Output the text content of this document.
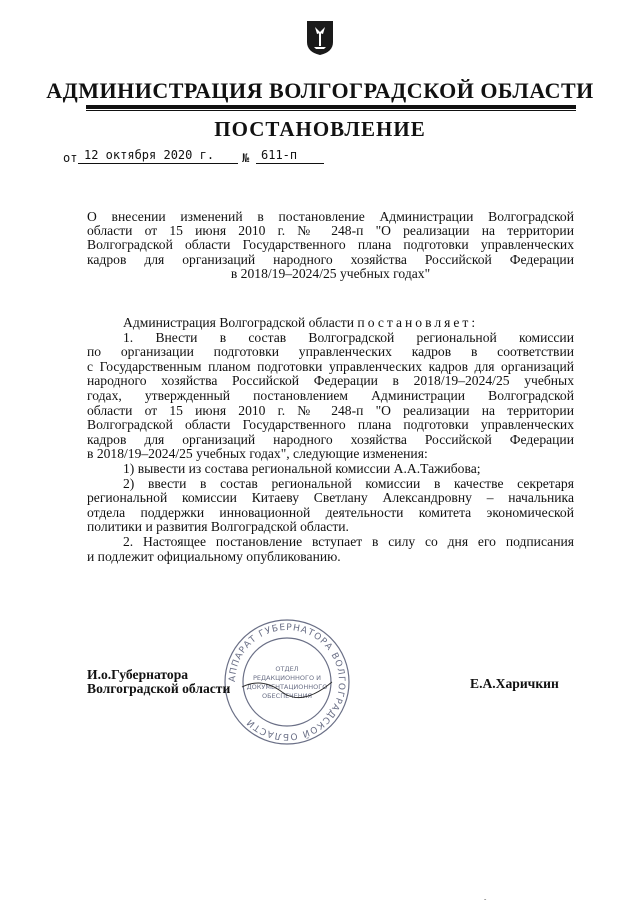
АДМИНИСТРАЦИЯ ВОЛГОГРАДСКОЙ ОБЛАСТИ
ПОСТАНОВЛЕНИЕ
от 12 октября 2020 г. № 611-п
О внесении изменений в постановление Администрации Волгоградской
области от 15 июня 2010 г. № 248-п "О реализации на территории
Волгоградской области Государственного плана подготовки управленческих
кадров для организаций народного хозяйства Российской Федерации
в 2018/19–2024/25 учебных годах"
Администрация Волгоградской области постановляет:
1. Внести в состав Волгоградской региональной комиссии
по организации подготовки управленческих кадров в соответствии
с Государственным планом подготовки управленческих кадров для организаций
народного хозяйства Российской Федерации в 2018/19–2024/25 учебных
годах, утвержденный постановлением Администрации Волгоградской
области от 15 июня 2010 г. № 248-п "О реализации на территории
Волгоградской области Государственного плана подготовки управленческих
кадров для организаций народного хозяйства Российской Федерации
в 2018/19–2024/25 учебных годах", следующие изменения:
1) вывести из состава региональной комиссии А.А.Тажибова;
2) ввести в состав региональной комиссии в качестве секретаря
региональной комиссии Китаеву Светлану Александровну – начальника
отдела поддержки инновационной деятельности комитета экономической
политики и развития Волгоградской области.
2. Настоящее постановление вступает в силу со дня его подписания
и подлежит официальному опубликованию.
АППАРАТ ГУБЕРНАТОРА ВОЛГОГРАДСКОЙ ОБЛАСТИ
ОТДЕЛ
РЕДАКЦИОННОГО И
ДОКУМЕНТАЦИОННОГО
ОБЕСПЕЧЕНИЯ
И.о.Губернатора
Волгоградской области	Е.А.Харичкин
-
